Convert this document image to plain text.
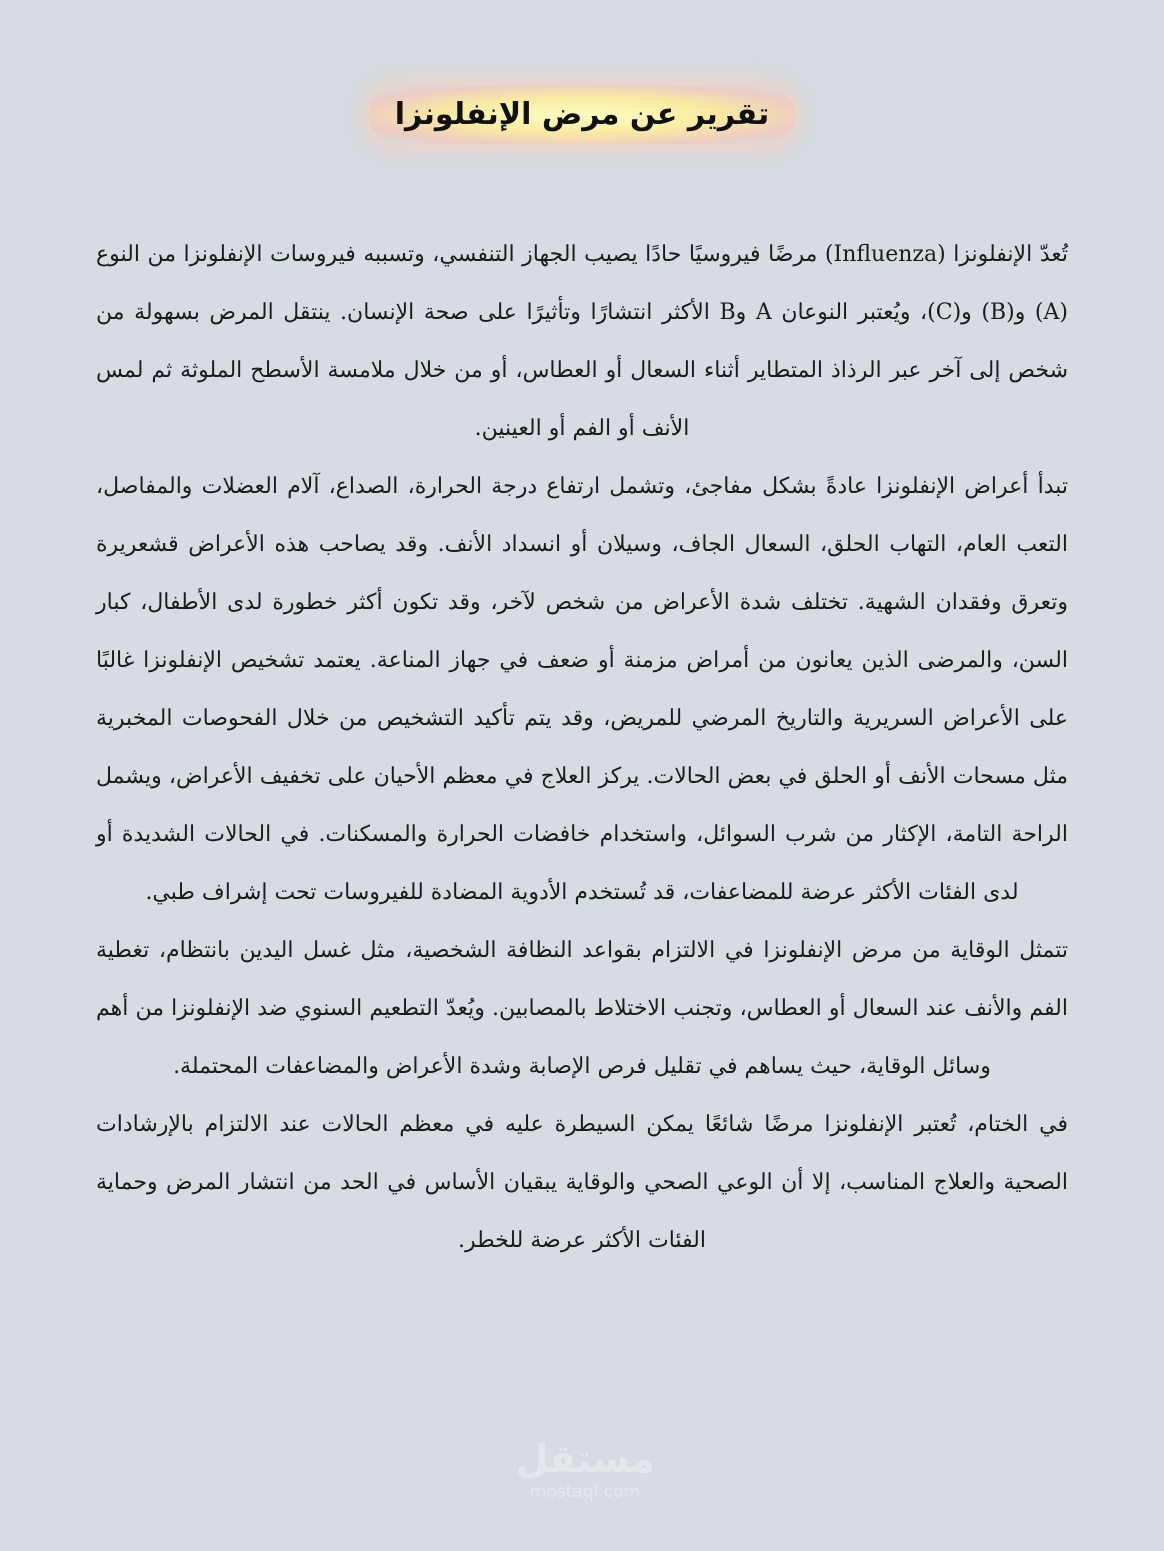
تقرير عن مرض الإنفلونزا

تُعدّ الإنفلونزا (Influenza) مرضًا فيروسيًا حادًا يصيب الجهاز التنفسي، وتسببه فيروسات الإنفلونزا من النوع (A) و(B) و(C)، ويُعتبر النوعان A وB الأكثر انتشارًا وتأثيرًا على صحة الإنسان. ينتقل المرض بسهولة من شخص إلى آخر عبر الرذاذ المتطاير أثناء السعال أو العطاس، أو من خلال ملامسة الأسطح الملوثة ثم لمس الأنف أو الفم أو العينين.

تبدأ أعراض الإنفلونزا عادةً بشكل مفاجئ، وتشمل ارتفاع درجة الحرارة، الصداع، آلام العضلات والمفاصل، التعب العام، التهاب الحلق، السعال الجاف، وسيلان أو انسداد الأنف. وقد يصاحب هذه الأعراض قشعريرة وتعرق وفقدان الشهية. تختلف شدة الأعراض من شخص لآخر، وقد تكون أكثر خطورة لدى الأطفال، كبار السن، والمرضى الذين يعانون من أمراض مزمنة أو ضعف في جهاز المناعة. يعتمد تشخيص الإنفلونزا غالبًا على الأعراض السريرية والتاريخ المرضي للمريض، وقد يتم تأكيد التشخيص من خلال الفحوصات المخبرية مثل مسحات الأنف أو الحلق في بعض الحالات. يركز العلاج في معظم الأحيان على تخفيف الأعراض، ويشمل الراحة التامة، الإكثار من شرب السوائل، واستخدام خافضات الحرارة والمسكنات. في الحالات الشديدة أو لدى الفئات الأكثر عرضة للمضاعفات، قد تُستخدم الأدوية المضادة للفيروسات تحت إشراف طبي.

تتمثل الوقاية من مرض الإنفلونزا في الالتزام بقواعد النظافة الشخصية، مثل غسل اليدين بانتظام، تغطية الفم والأنف عند السعال أو العطاس، وتجنب الاختلاط بالمصابين. ويُعدّ التطعيم السنوي ضد الإنفلونزا من أهم وسائل الوقاية، حيث يساهم في تقليل فرص الإصابة وشدة الأعراض والمضاعفات المحتملة.

في الختام، تُعتبر الإنفلونزا مرضًا شائعًا يمكن السيطرة عليه في معظم الحالات عند الالتزام بالإرشادات الصحية والعلاج المناسب، إلا أن الوعي الصحي والوقاية يبقيان الأساس في الحد من انتشار المرض وحماية الفئات الأكثر عرضة للخطر.

مستقل
mostaql.com
